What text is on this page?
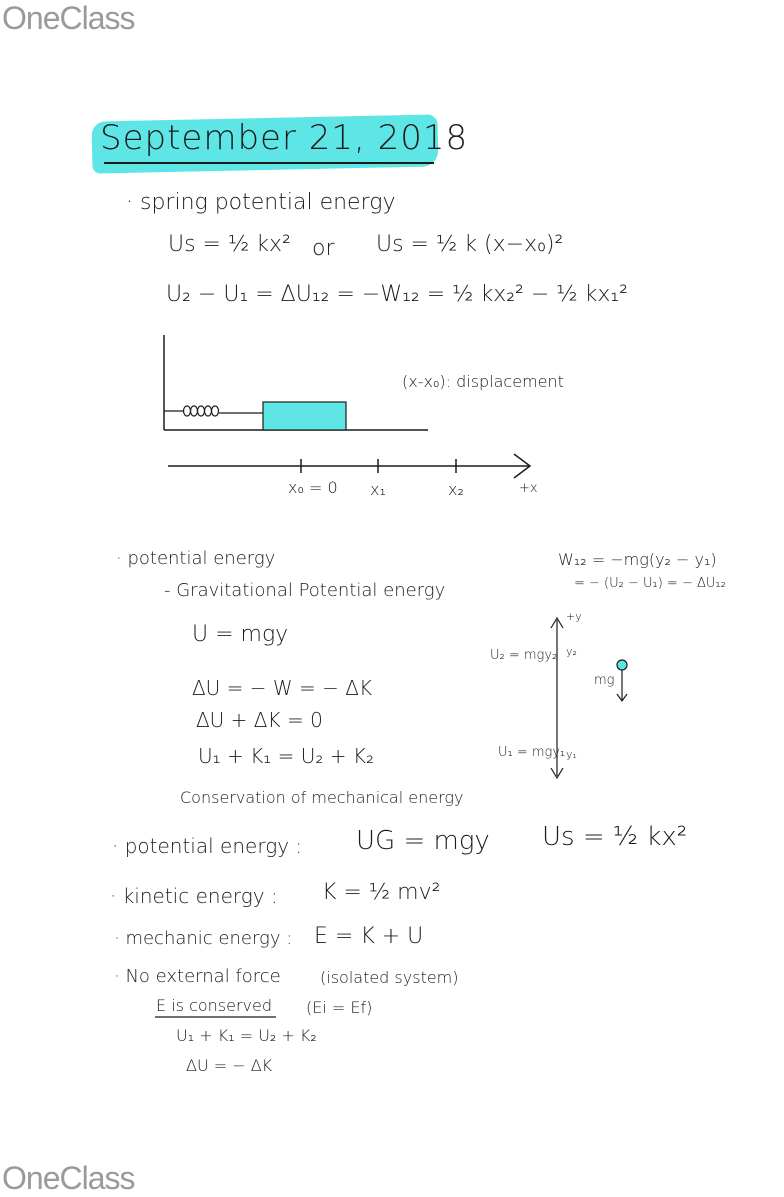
OneClass
OneClass
September 21, 2018
· spring potential energy
Us = ½ kx² or Us = ½ k (x−x₀)²
U₂ − U₁ = ΔU₁₂ = −W₁₂ = ½ kx₂² − ½ kx₁²
(x-x₀): displacement
x₀ = 0 x₁	x₂	+x
· potential energy
- Gravitational Potential energy
U = mgy
ΔU = − W = − ΔK
ΔU + ΔK = 0
U₁ + K₁ = U₂ + K₂
Conservation of mechanical energy
W₁₂ = −mg(y₂ − y₁)
= − (U₂ − U₁) = − ΔU₁₂
+y
U₂ = mgy₂ y₂
mg
U₁ = mgy₁ y₁
· potential energy : UG = mgy Us = ½ kx²
· kinetic energy : K = ½ mv²
· mechanic energy : E = K + U
· No external force (isolated system)
E is conserved (Ei = Ef)
U₁ + K₁ = U₂ + K₂
ΔU = − ΔK
